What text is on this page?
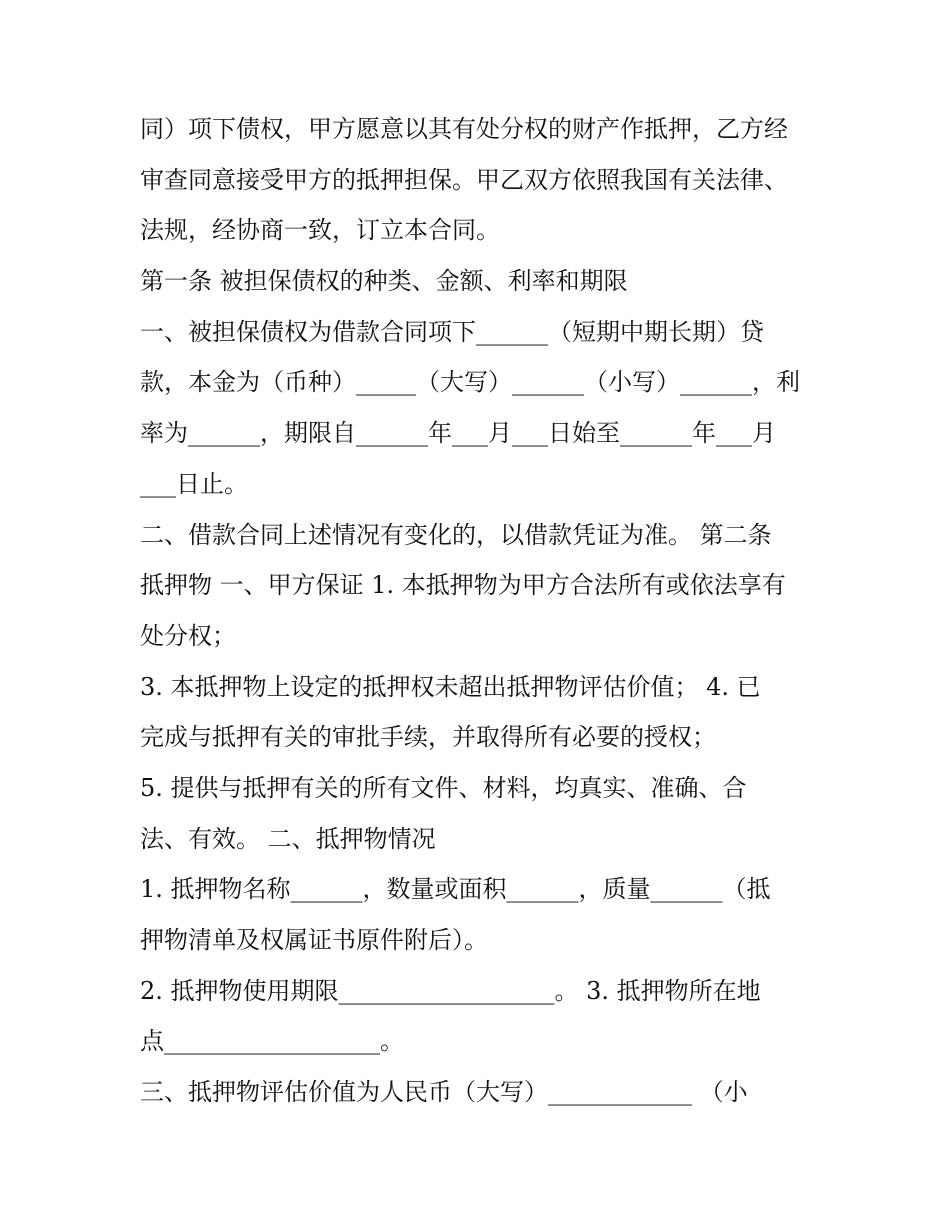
同）项下债权，甲方愿意以其有处分权的财产作抵押，乙方经
审查同意接受甲方的抵押担保。甲乙双方依照我国有关法律、
法规，经协商一致，订立本合同。
第一条 被担保债权的种类、金额、利率和期限
一、被担保债权为借款合同项下______（短期中期长期）贷
款，本金为（币种）_____（大写）______（小写）______，利
率为______，期限自______年___月___日始至______年___月
___日止。
二、借款合同上述情况有变化的，以借款凭证为准。 第二条
抵押物 一、甲方保证 1. 本抵押物为甲方合法所有或依法享有
处分权；
3. 本抵押物上设定的抵押权未超出抵押物评估价值； 4. 已
完成与抵押有关的审批手续，并取得所有必要的授权；
5. 提供与抵押有关的所有文件、材料，均真实、准确、合
法、有效。 二、抵押物情况
1. 抵押物名称______，数量或面积______，质量______（抵
押物清单及权属证书原件附后）。
2. 抵押物使用期限__________________。 3. 抵押物所在地
点__________________。
三、抵押物评估价值为人民币（大写）____________ （小
